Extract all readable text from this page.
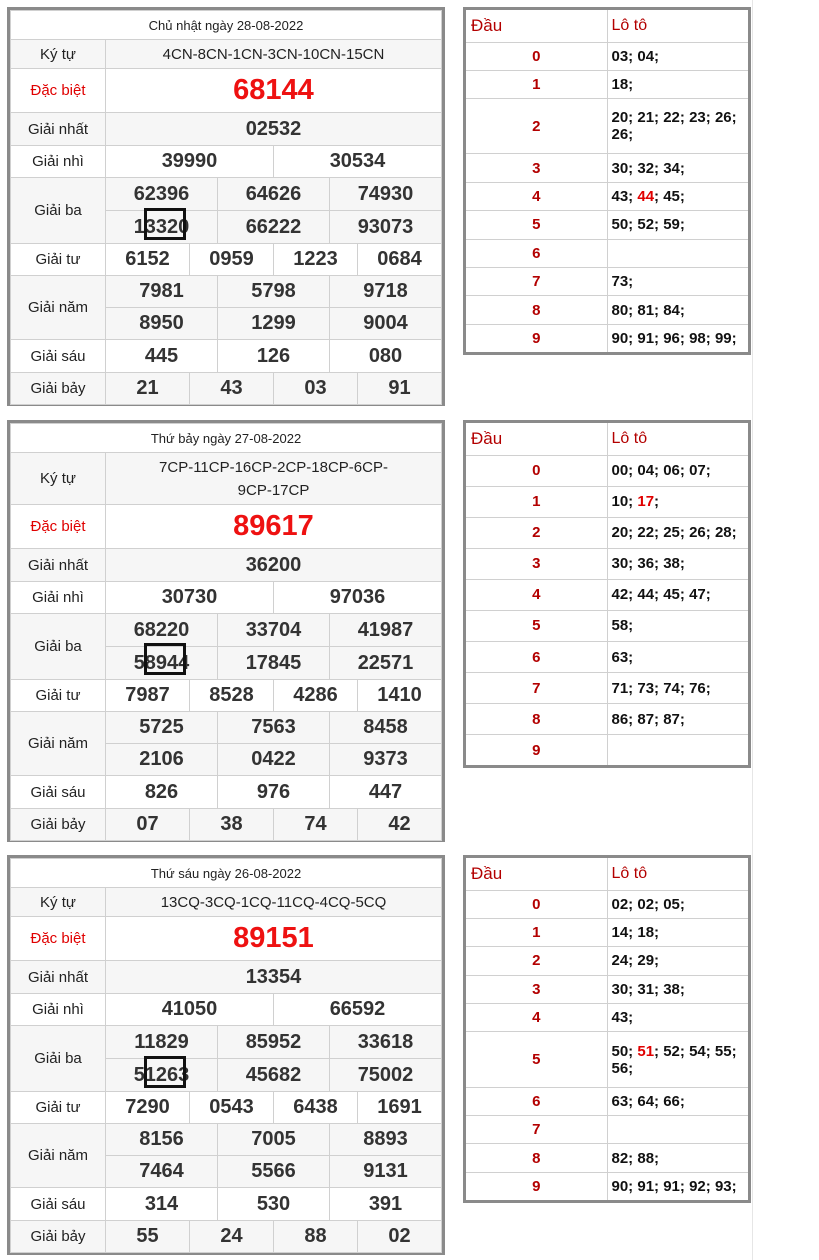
Chủ nhật ngày 28-08-2022						
Ký tự	4CN-8CN-1CN-3CN-10CN-15CN					

Đặc biệt	68144					
Giải nhất	02532					
Giải nhì	39990			30534		
Giải ba	62396		64626		74930	
	13320		66222		93073	
Giải tư	6152	0959		1223		0684
Giải năm	7981		5798		9718	
	8950		1299		9004	
Giải sáu	445		126		080	
Giải bảy	21	43		03		91
Đầu	Lô tô
0	03; 04;
1	18;
2	20; 21; 22; 23; 26; 26;
3	30; 32; 34;
4	43; 44; 45;
5	50; 52; 59;
6	
7	73;
8	80; 81; 84;
9	90; 91; 96; 98; 99;
Thứ bảy ngày 27-08-2022						
Ký tự	7CP-11CP-16CP-2CP-18CP-6CP-
9CP-17CP					

Đặc biệt	89617					
Giải nhất	36200					
Giải nhì	30730			97036		
Giải ba	68220		33704		41987	
	58944		17845		22571	
Giải tư	7987	8528		4286		1410
Giải năm	5725		7563		8458	
	2106		0422		9373	
Giải sáu	826		976		447	
Giải bảy	07	38		74		42
Đầu	Lô tô
0	00; 04; 06; 07;
1	10; 17;
2	20; 22; 25; 26; 28;
3	30; 36; 38;
4	42; 44; 45; 47;
5	58;
6	63;
7	71; 73; 74; 76;
8	86; 87; 87;
9	
Thứ sáu ngày 26-08-2022						
Ký tự	13CQ-3CQ-1CQ-11CQ-4CQ-5CQ					

Đặc biệt	89151					
Giải nhất	13354					
Giải nhì	41050			66592		
Giải ba	11829		85952		33618	
	51263		45682		75002	
Giải tư	7290	0543		6438		1691
Giải năm	8156		7005		8893	
	7464		5566		9131	
Giải sáu	314		530		391	
Giải bảy	55	24		88		02
Đầu	Lô tô
0	02; 02; 05;
1	14; 18;
2	24; 29;
3	30; 31; 38;
4	43;
5	50; 51; 52; 54; 55; 56;
6	63; 64; 66;
7	
8	82; 88;
9	90; 91; 91; 92; 93;
